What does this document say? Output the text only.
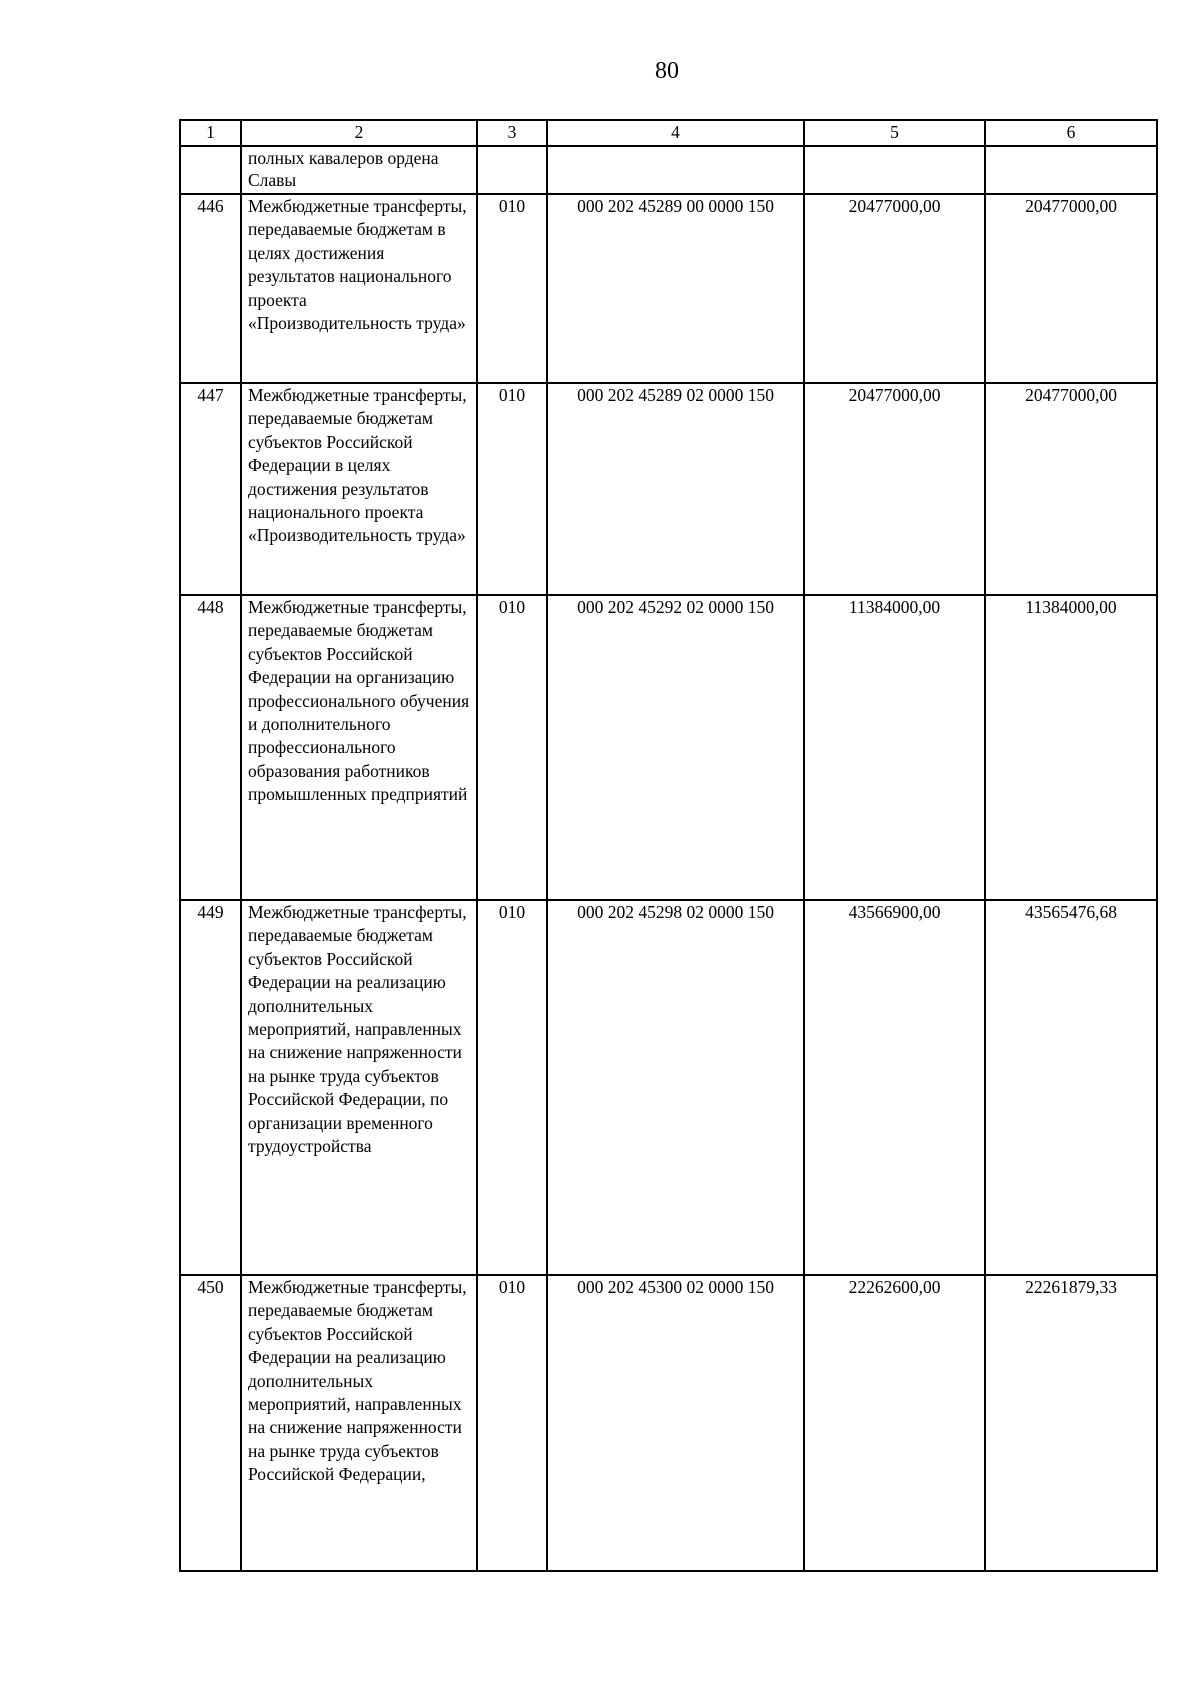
80
1	2	3	4	5	6
	полных кавалеров ордена Славы				
446	Межбюджетные трансферты, передаваемые бюджетам в целях достижения результатов национального проекта «Производительность труда»	010	000 202 45289 00 0000 150	20477000,00	20477000,00
447	Межбюджетные трансферты, передаваемые бюджетам субъектов Российской Федерации в целях достижения результатов национального проекта «Производительность труда»	010	000 202 45289 02 0000 150	20477000,00	20477000,00
448	Межбюджетные трансферты, передаваемые бюджетам субъектов Российской Федерации на организацию профессионального обучения и дополнительного профессионального образования работников промышленных предприятий	010	000 202 45292 02 0000 150	11384000,00	11384000,00
449	Межбюджетные трансферты, передаваемые бюджетам субъектов Российской Федерации на реализацию дополнительных мероприятий, направленных на снижение напряженности на рынке труда субъектов Российской Федерации, по организации временного трудоустройства	010	000 202 45298 02 0000 150	43566900,00	43565476,68
450	Межбюджетные трансферты, передаваемые бюджетам субъектов Российской Федерации на реализацию дополнительных мероприятий, направленных на снижение напряженности на рынке труда субъектов Российской Федерации,	010	000 202 45300 02 0000 150	22262600,00	22261879,33
